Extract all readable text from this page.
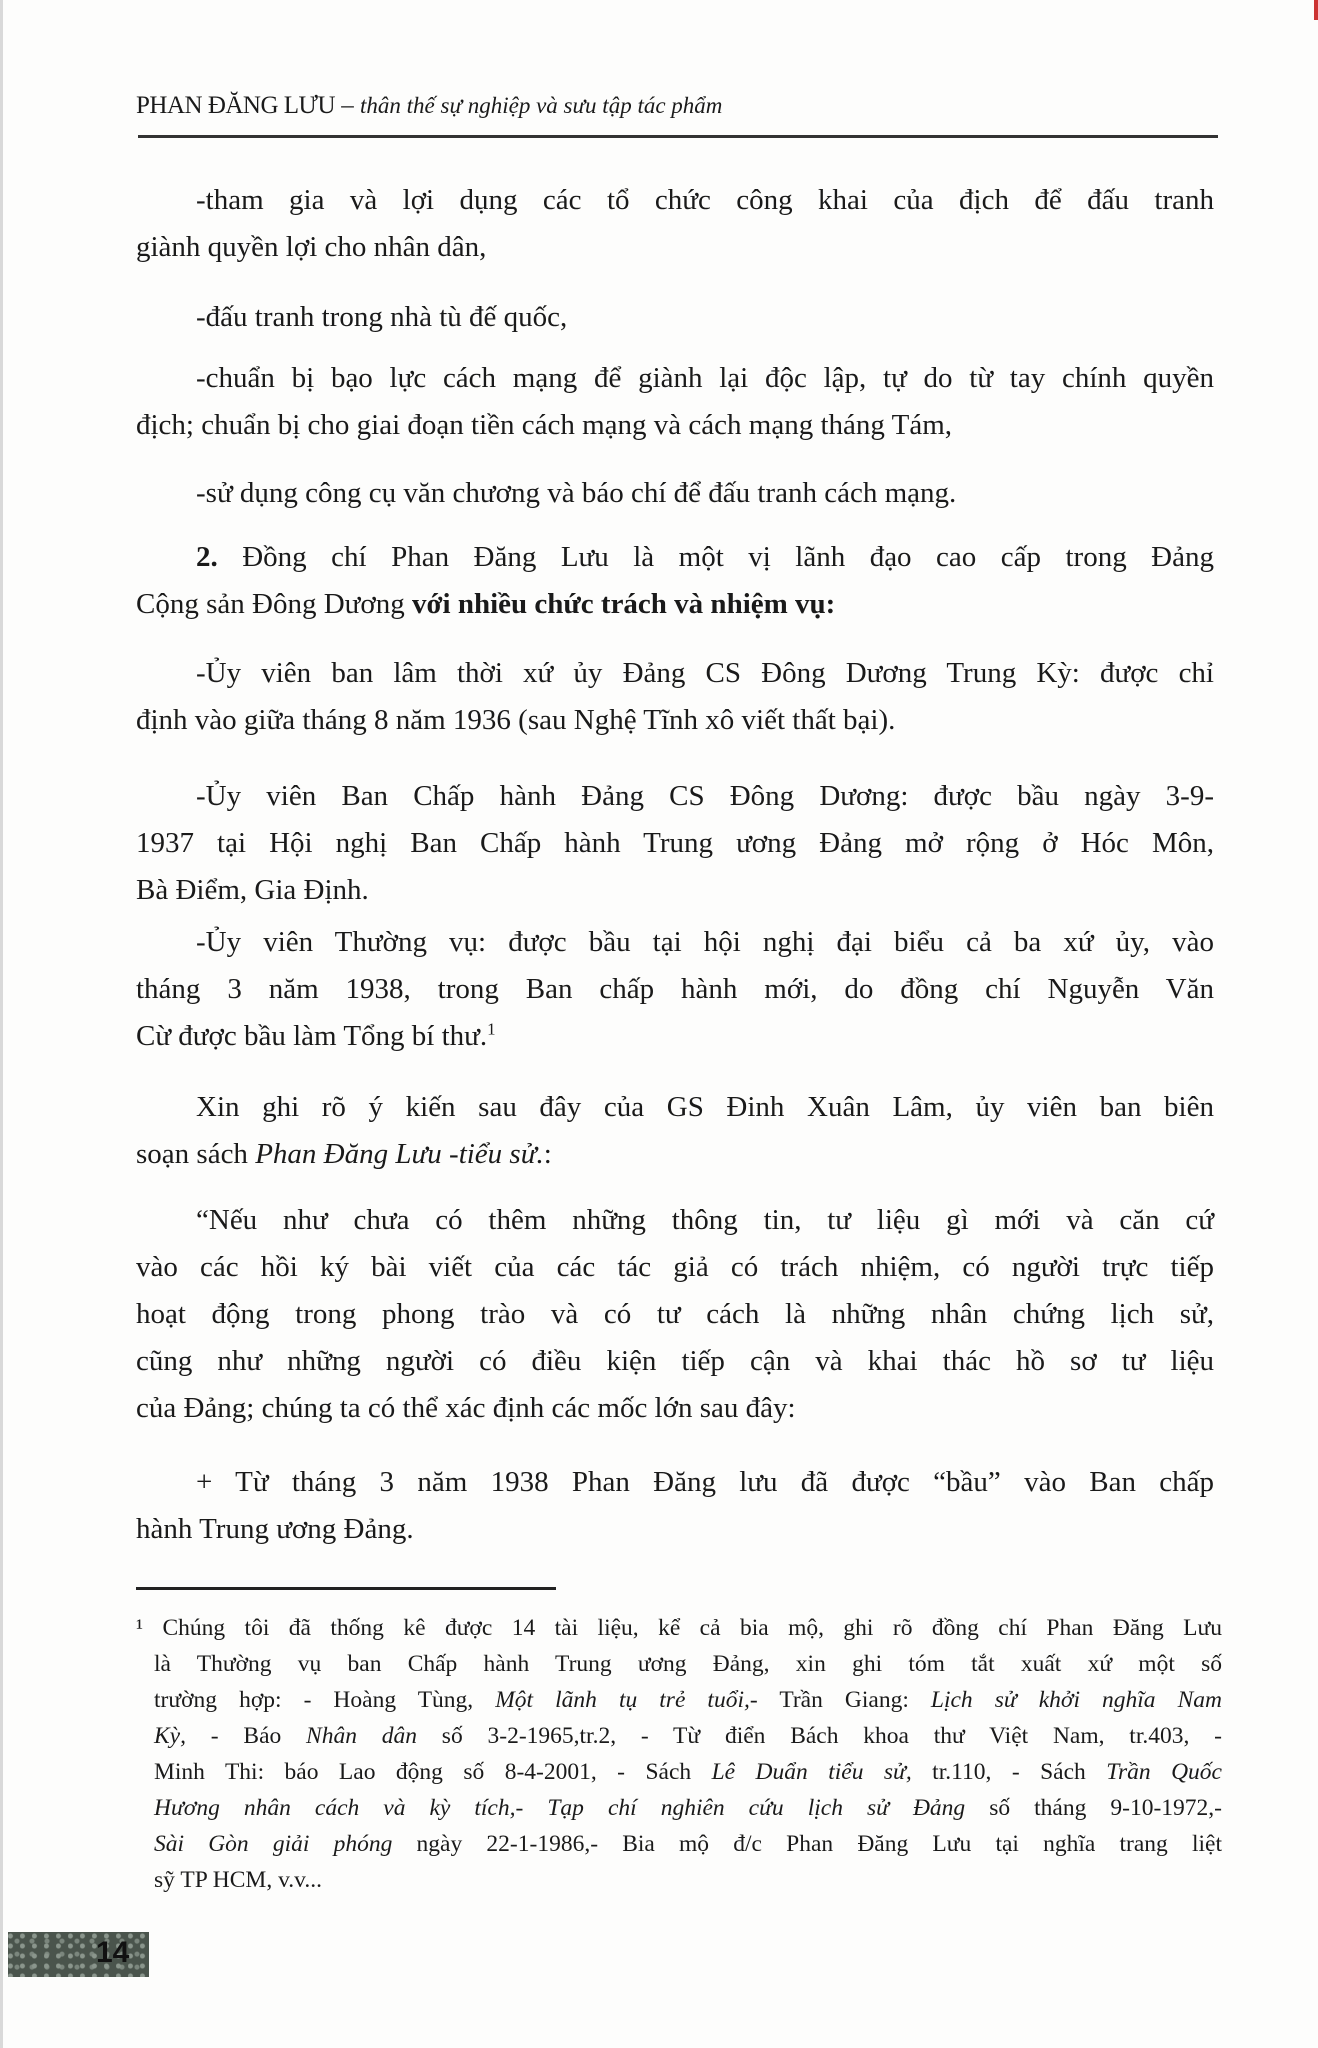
PHAN ĐĂNG LƯU – thân thế sự nghiệp và sưu tập tác phẩm
-tham gia và lợi dụng các tổ chức công khai của địch để đấu tranh
giành quyền lợi cho nhân dân,
-đấu tranh trong nhà tù đế quốc,
-chuẩn bị bạo lực cách mạng để giành lại độc lập, tự do từ tay chính quyền
địch; chuẩn bị cho giai đoạn tiền cách mạng và cách mạng tháng Tám,
-sử dụng công cụ văn chương và báo chí để đấu tranh cách mạng.
2. Đồng chí Phan Đăng Lưu là một vị lãnh đạo cao cấp trong Đảng
Cộng sản Đông Dương với nhiều chức trách và nhiệm vụ:
-Ủy viên ban lâm thời xứ ủy Đảng CS Đông Dương Trung Kỳ: được chỉ
định vào giữa tháng 8 năm 1936 (sau Nghệ Tĩnh xô viết thất bại).
-Ủy viên Ban Chấp hành Đảng CS Đông Dương: được bầu ngày 3-9-
1937 tại Hội nghị Ban Chấp hành Trung ương Đảng mở rộng ở Hóc Môn,
Bà Điểm, Gia Định.
-Ủy viên Thường vụ: được bầu tại hội nghị đại biểu cả ba xứ ủy, vào
tháng 3 năm 1938, trong Ban chấp hành mới, do đồng chí Nguyễn Văn
Cừ được bầu làm Tổng bí thư.$^1$
Xin ghi rõ ý kiến sau đây của GS Đinh Xuân Lâm, ủy viên ban biên
soạn sách Phan Đăng Lưu -tiểu sử.:
“Nếu như chưa có thêm những thông tin, tư liệu gì mới và căn cứ
vào các hồi ký bài viết của các tác giả có trách nhiệm, có người trực tiếp
hoạt động trong phong trào và có tư cách là những nhân chứng lịch sử,
cũng như những người có điều kiện tiếp cận và khai thác hồ sơ tư liệu
của Đảng; chúng ta có thể xác định các mốc lớn sau đây:
+ Từ tháng 3 năm 1938 Phan Đăng lưu đã được “bầu” vào Ban chấp
hành Trung ương Đảng.
¹ Chúng tôi đã thống kê được 14 tài liệu, kể cả bia mộ, ghi rõ đồng chí Phan Đăng Lưu
là Thường vụ ban Chấp hành Trung ương Đảng, xin ghi tóm tắt xuất xứ một số
trường hợp: - Hoàng Tùng, Một lãnh tụ trẻ tuổi,- Trần Giang: Lịch sử khởi nghĩa Nam
Kỳ, - Báo Nhân dân số 3-2-1965,tr.2, - Từ điển Bách khoa thư Việt Nam, tr.403, -
Minh Thi: báo Lao động số 8-4-2001, - Sách Lê Duẩn tiểu sử, tr.110, - Sách Trần Quốc
Hương nhân cách và kỳ tích,- Tạp chí nghiên cứu lịch sử Đảng số tháng 9-10-1972,-
Sài Gòn giải phóng ngày 22-1-1986,- Bia mộ đ/c Phan Đăng Lưu tại nghĩa trang liệt
sỹ TP HCM, v.v...
14
